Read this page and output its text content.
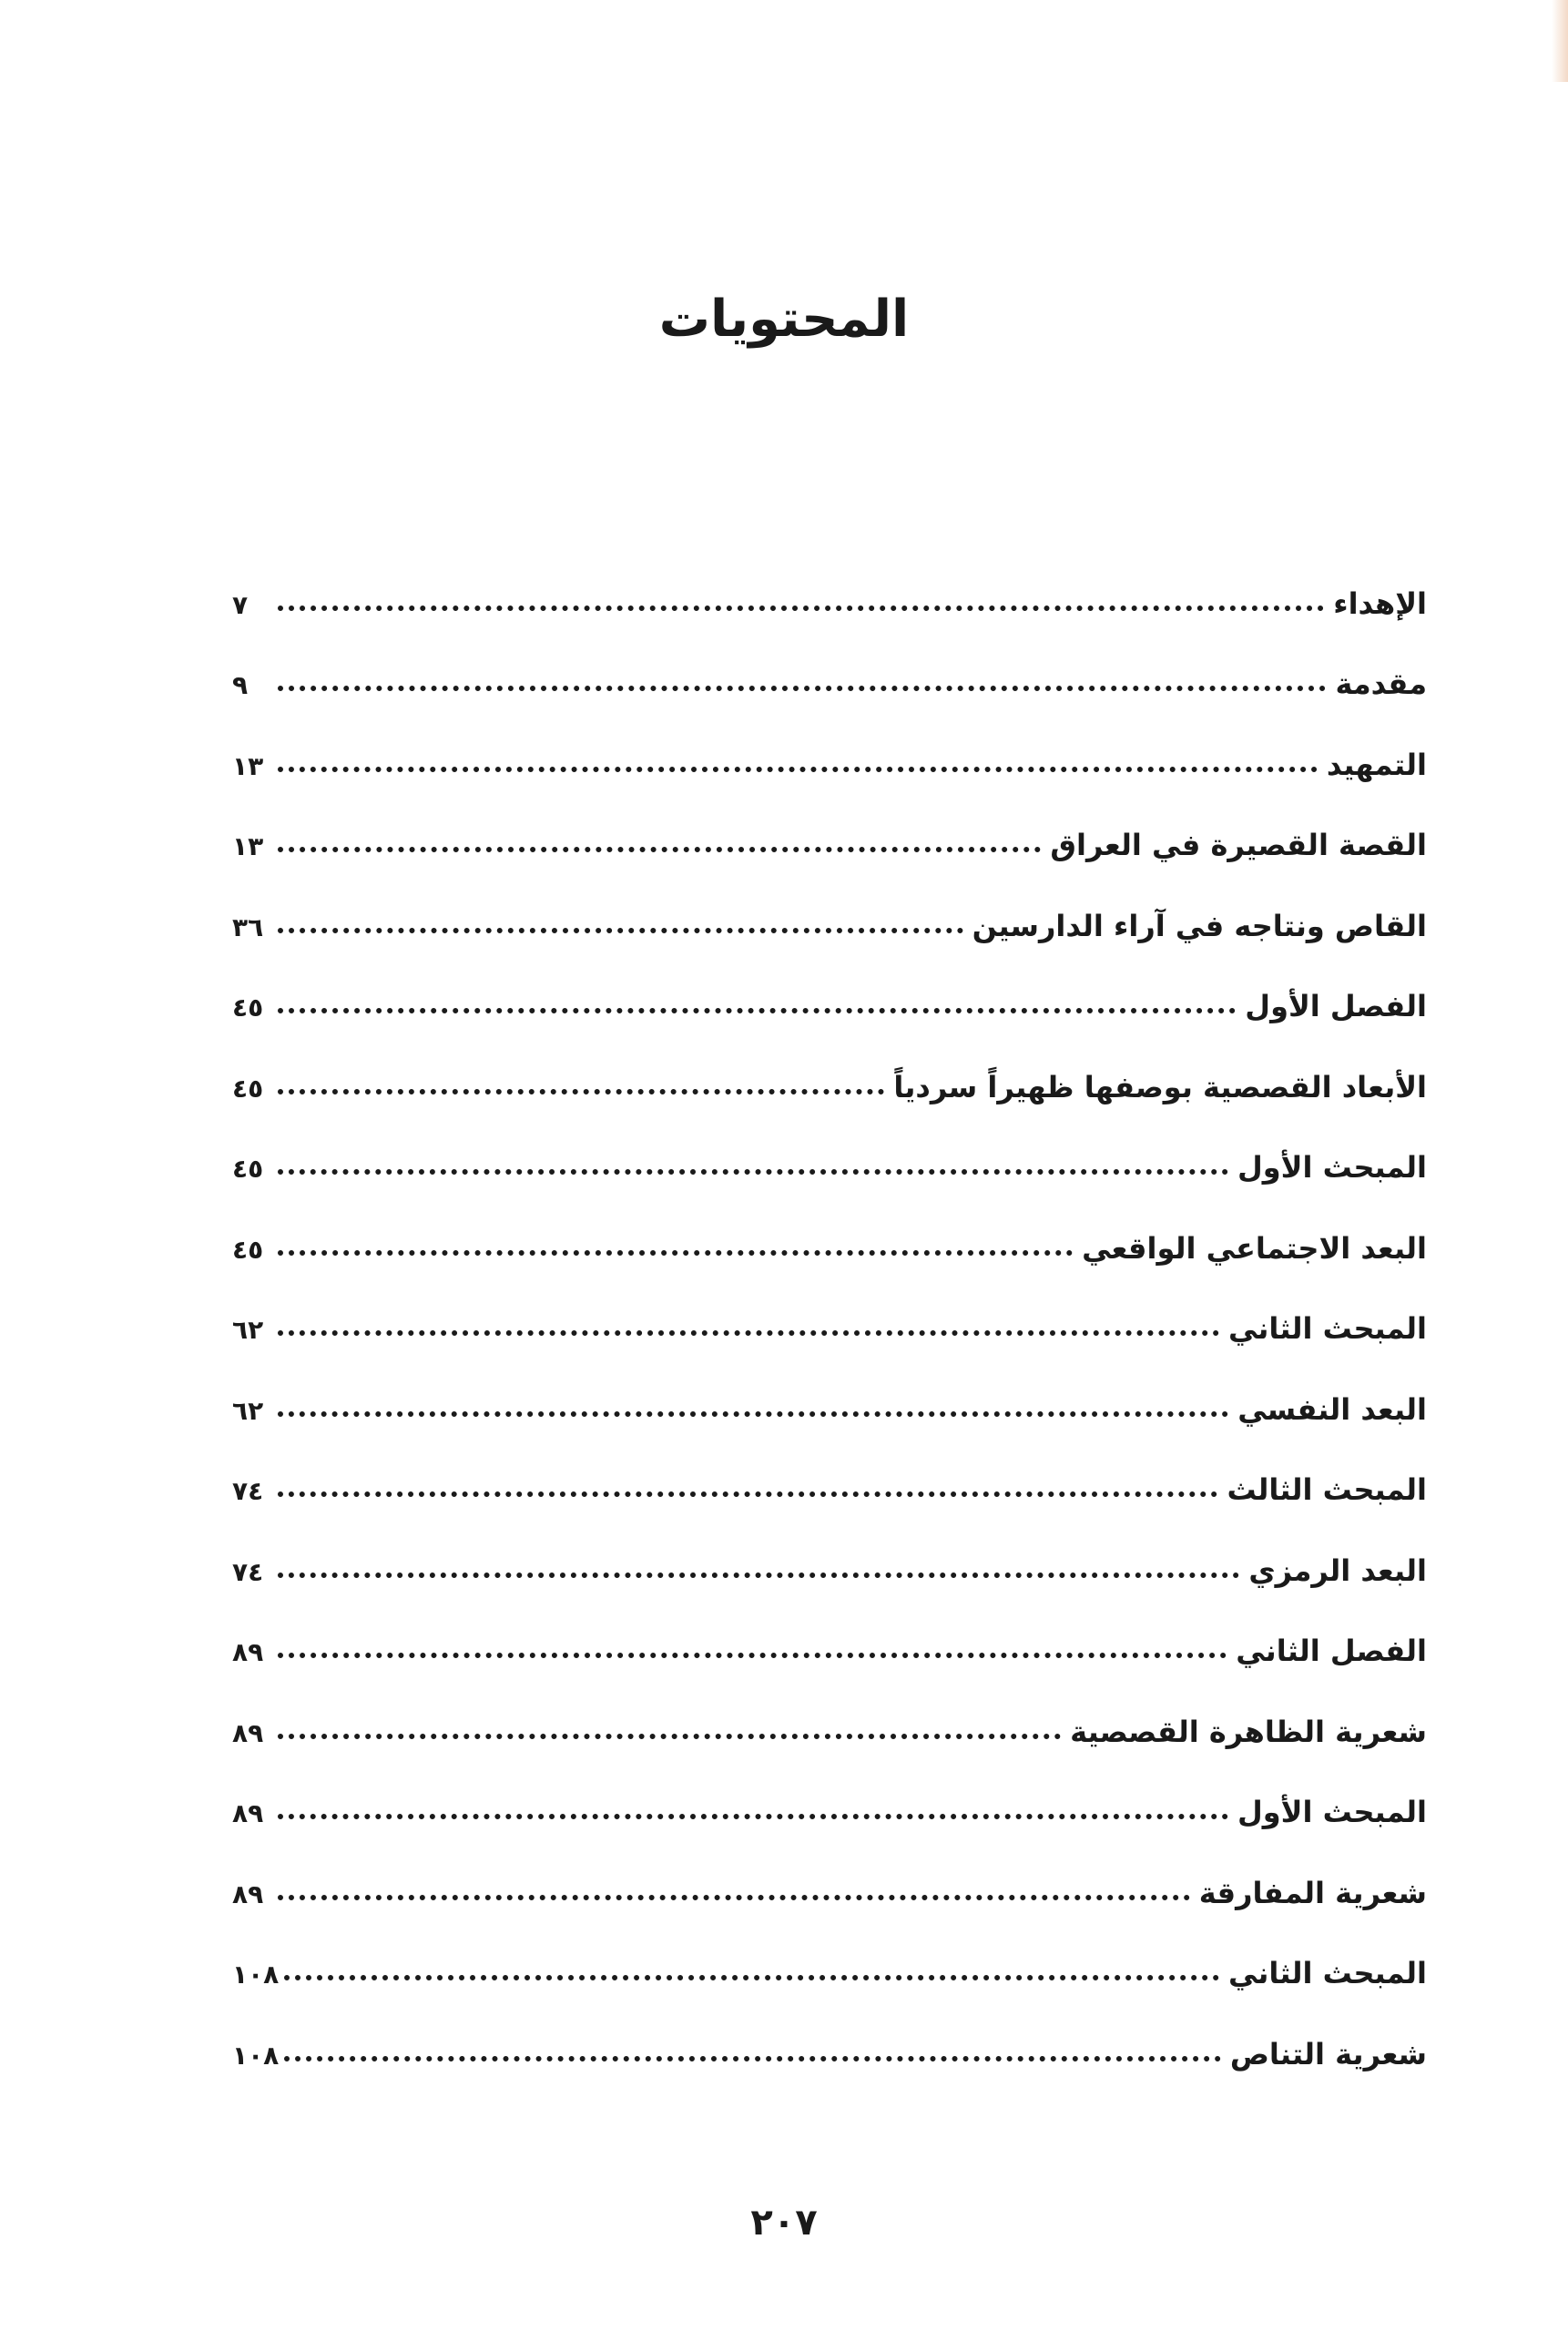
المحتويات
الإهداء
٧
مقدمة
٩
التمهيد
١٣
القصة القصيرة في العراق
١٣
القاص ونتاجه في آراء الدارسين
٣٦
الفصل الأول
٤٥
الأبعاد القصصية بوصفها ظهيراً سردياً
٤٥
المبحث الأول
٤٥
البعد الاجتماعي الواقعي
٤٥
المبحث الثاني
٦٢
البعد النفسي
٦٢
المبحث الثالث
٧٤
البعد الرمزي
٧٤
الفصل الثاني
٨٩
شعرية الظاهرة القصصية
٨٩
المبحث الأول
٨٩
شعرية المفارقة
٨٩
المبحث الثاني
١٠٨
شعرية التناص
١٠٨
٢٠٧
